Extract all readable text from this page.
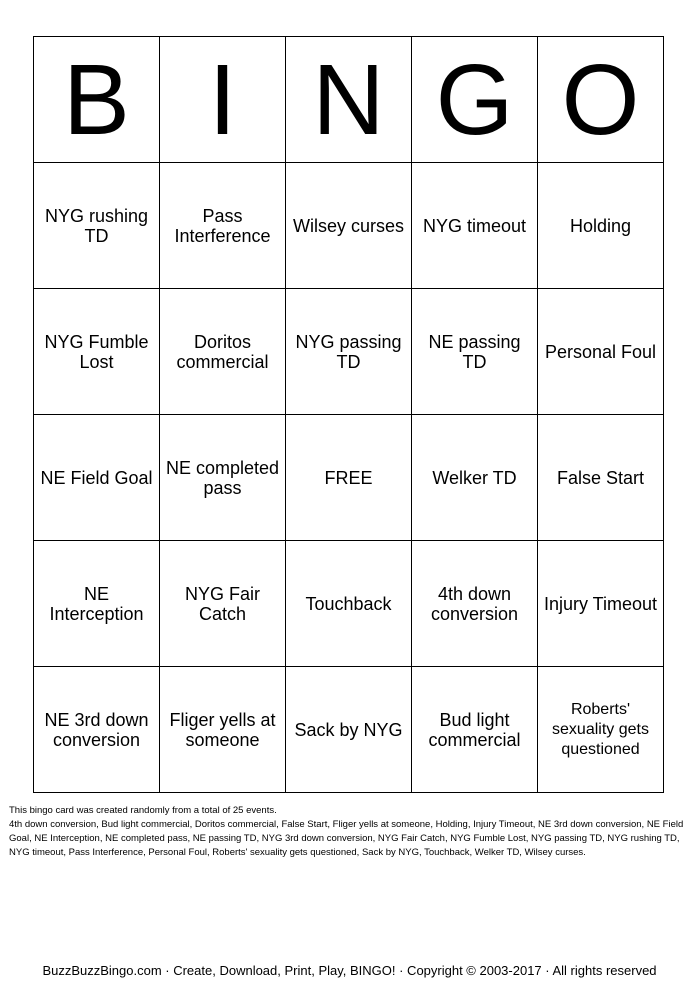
B	I	N	G	O
NYG rushing TD	Pass Interference	Wilsey curses	NYG timeout	Holding
NYG Fumble Lost	Doritos commercial	NYG passing TD	NE passing TD	Personal Foul
NE Field Goal	NE completed pass	FREE	Welker TD	False Start
NE Interception	NYG Fair Catch	Touchback	4th down conversion	Injury Timeout
NE 3rd down conversion	Fliger yells at someone	Sack by NYG	Bud light commercial	Roberts' sexuality gets questioned

This bingo card was created randomly from a total of 25 events.

4th down conversion, Bud light commercial, Doritos commercial, False Start, Fliger yells at someone, Holding, Injury Timeout, NE 3rd down conversion, NE Field Goal, NE Interception, NE completed pass, NE passing TD, NYG 3rd down conversion, NYG Fair Catch, NYG Fumble Lost, NYG passing TD, NYG rushing TD, NYG timeout, Pass Interference, Personal Foul, Roberts' sexuality gets questioned, Sack by NYG, Touchback, Welker TD, Wilsey curses.

BuzzBuzzBingo.com · Create, Download, Print, Play, BINGO! · Copyright © 2003-2017 · All rights reserved
